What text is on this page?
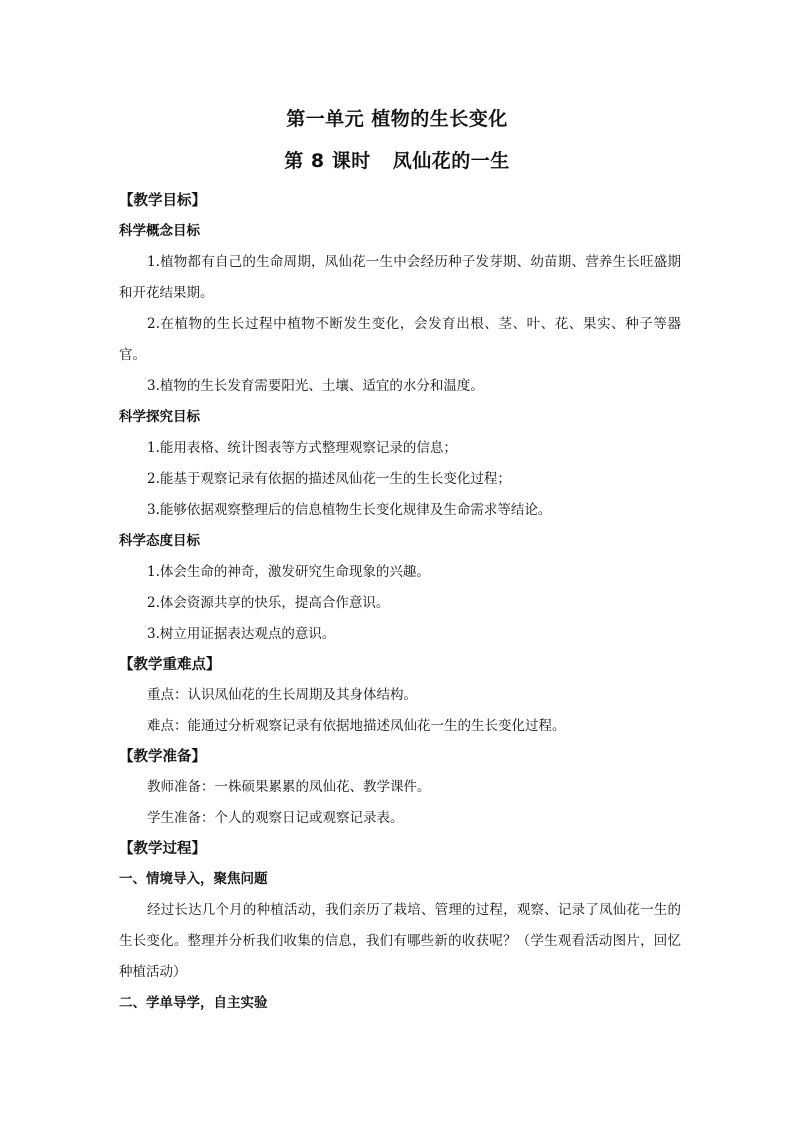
第一单元 植物的生长变化
第 8 课时 凤仙花的一生
【教学目标】
科学概念目标

1.植物都有自己的生命周期，凤仙花一生中会经历种子发芽期、幼苗期、营养生长旺盛期和开花结果期。

2.在植物的生长过程中植物不断发生变化，会发育出根、茎、叶、花、果实、种子等器官。

3.植物的生长发育需要阳光、土壤、适宜的水分和温度。

科学探究目标

1.能用表格、统计图表等方式整理观察记录的信息；

2.能基于观察记录有依据的描述凤仙花一生的生长变化过程；

3.能够依据观察整理后的信息植物生长变化规律及生命需求等结论。

科学态度目标

1.体会生命的神奇，激发研究生命现象的兴趣。

2.体会资源共享的快乐，提高合作意识。

3.树立用证据表达观点的意识。

【教学重难点】

重点：认识凤仙花的生长周期及其身体结构。

难点：能通过分析观察记录有依据地描述凤仙花一生的生长变化过程。

【教学准备】

教师准备：一株硕果累累的凤仙花、教学课件。

学生准备：个人的观察日记或观察记录表。

【教学过程】
一、情境导入，聚焦问题

经过长达几个月的种植活动，我们亲历了栽培、管理的过程，观察、记录了凤仙花一生的生长变化。整理并分析我们收集的信息，我们有哪些新的收获呢？（学生观看活动图片，回忆种植活动）

二、学单导学，自主实验
